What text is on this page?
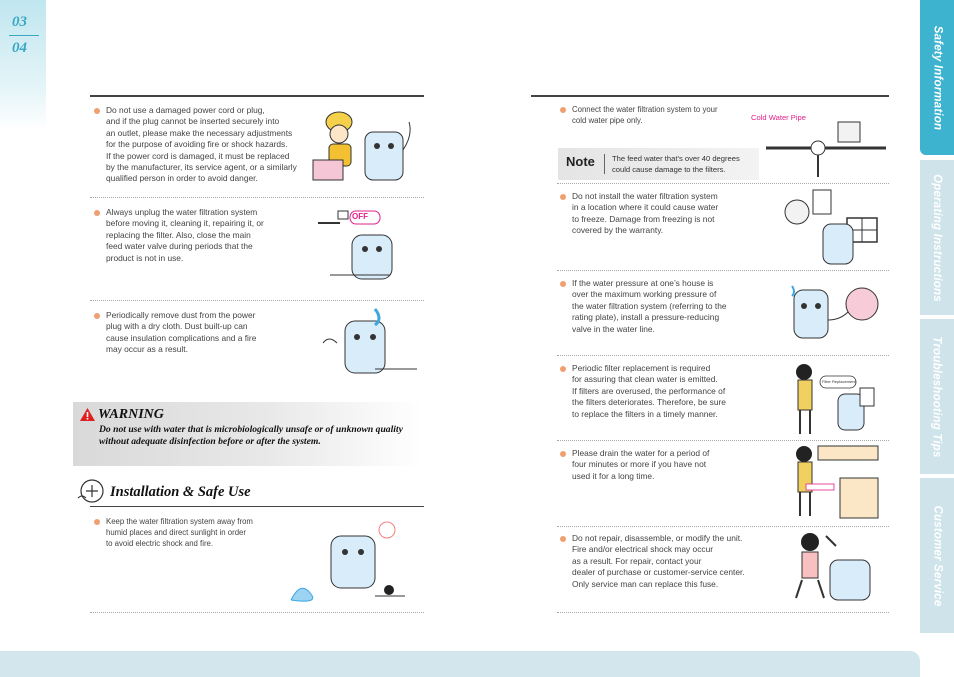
03
04	Safety Information
Operating Instructions
Troubleshooting Tips
Customer Service
Do not use a damaged power cord or plug,
and if the plug cannot be inserted securely into
an outlet, please make the necessary adjustments
for the purpose of avoiding fire or shock hazards.
If the power cord is damaged, it must be replaced
by the manufacturer, its service agent, or a similarly
qualified person in order to avoid danger.
Always unplug the water filtration system
before moving it, cleaning it, repairing it, or
replacing the filter. Also, close the main
feed water valve during periods that the
product is not in use.
OFF
Periodically remove dust from the power
plug with a dry cloth. Dust built-up can
cause insulation complications and a fire
may occur as a result.
WARNING
Do not use with water that is microbiologically unsafe or of unknown quality without adequate disinfection before or after the system.
Installation & Safe Use
Keep the water filtration system away from
humid places and direct sunlight in order
to avoid electric shock and fire.
Connect the water filtration system to your
cold water pipe only.	Cold Water Pipe
Note The feed water that’s over 40 degrees
could cause damage to the filters.
Do not install the water filtration system
in a location where it could cause water
to freeze. Damage from freezing is not
covered by the warranty.
If the water pressure at one’s house is
over the maximum working pressure of
the water filtration system (referring to the
rating plate), install a pressure-reducing
valve in the water line.
Periodic filter replacement is required
for assuring that clean water is emitted.
If filters are overused, the performance of
the filters deteriorates. Therefore, be sure
to replace the filters in a timely manner.
Filter Replacement
Please drain the water for a period of
four minutes or more if you have not
used it for a long time.
Do not repair, disassemble, or modify the unit.
Fire and/or electrical shock may occur
as a result. For repair, contact your
dealer of purchase or customer-service center.
Only service man can replace this fuse.
